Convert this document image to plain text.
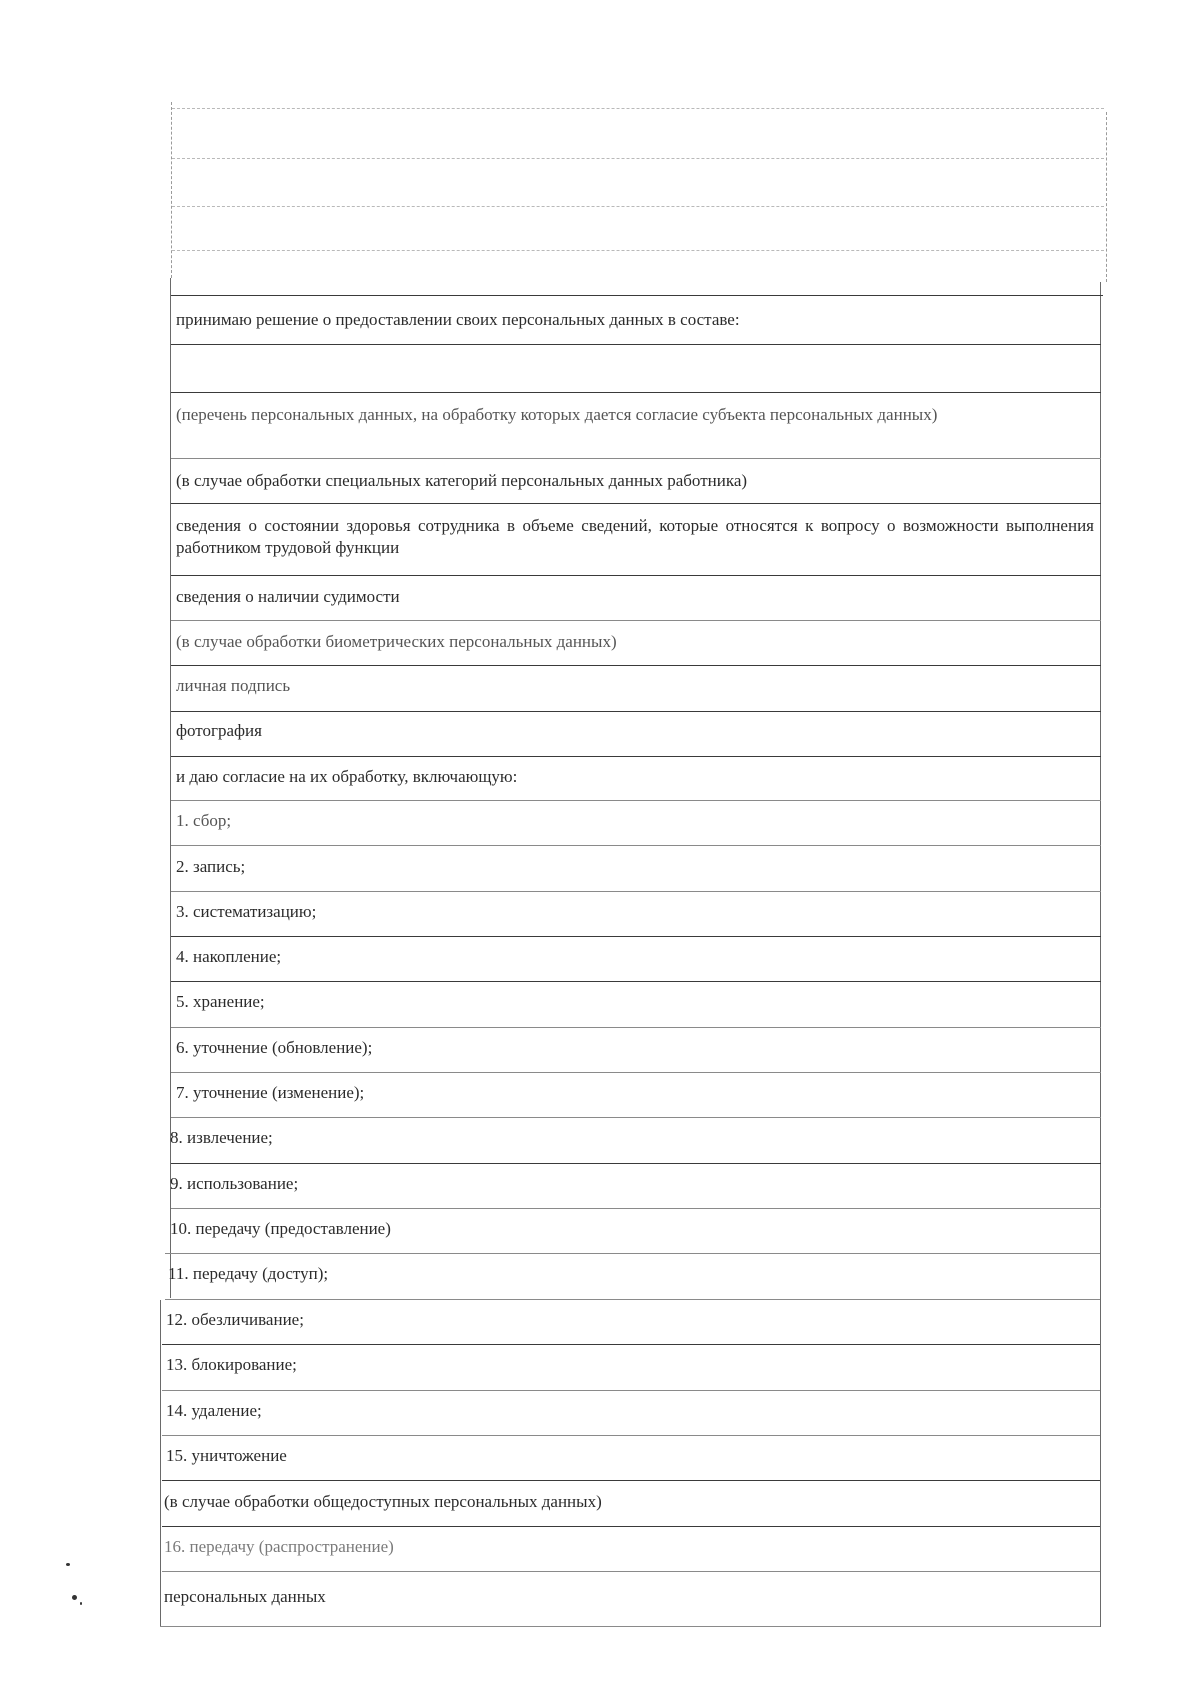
принимаю решение о предоставлении своих персональных данных в составе:
(перечень персональных данных, на обработку которых дается согласие субъекта персональных данных)
(в случае обработки специальных категорий персональных данных работника)
сведения о состоянии здоровья сотрудника в объеме сведений, которые относятся к вопросу о возможности выполнения работником трудовой функции
сведения о наличии судимости
(в случае обработки биометрических персональных данных)
личная подпись
фотография
и даю согласие на их обработку, включающую:
1. сбор;
2. запись;
3. систематизацию;
4. накопление;
5. хранение;
6. уточнение (обновление);
7. уточнение (изменение);
8. извлечение;
9. использование;
10. передачу (предоставление)
11. передачу (доступ);
12. обезличивание;
13. блокирование;
14. удаление;
15. уничтожение
(в случае обработки общедоступных персональных данных)
16. передачу (распространение)
персональных данных
